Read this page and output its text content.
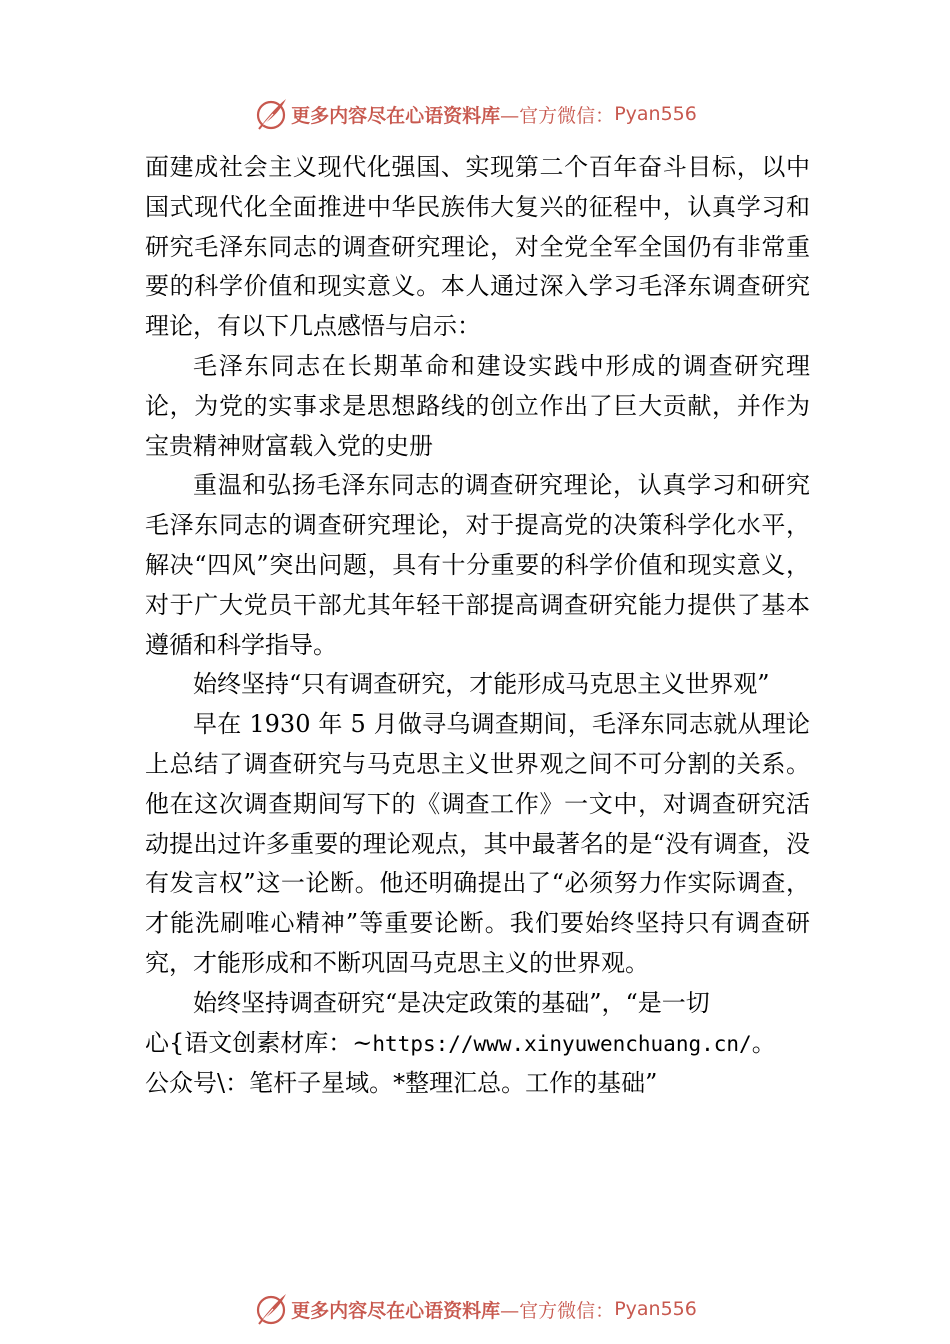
更多内容尽在心语资料库 —官方微信： Pyan556

面建成社会主义现代化强国、实现第二个百年奋斗目标，以中国式现代化全面推进中华民族伟大复兴的征程中，认真学习和研究毛泽东同志的调查研究理论，对全党全军全国仍有非常重要的科学价值和现实意义。本人通过深入学习毛泽东调查研究理论，有以下几点感悟与启示：

毛泽东同志在长期革命和建设实践中形成的调查研究理论，为党的实事求是思想路线的创立作出了巨大贡献，并作为宝贵精神财富载入党的史册

重温和弘扬毛泽东同志的调查研究理论，认真学习和研究毛泽东同志的调查研究理论，对于提高党的决策科学化水平，解决“四风”突出问题，具有十分重要的科学价值和现实意义，对于广大党员干部尤其年轻干部提高调查研究能力提供了基本遵循和科学指导。

始终坚持“只有调查研究，才能形成马克思主义世界观”

早在 1930 年 5 月做寻乌调查期间，毛泽东同志就从理论上总结了调查研究与马克思主义世界观之间不可分割的关系。他在这次调查期间写下的《调查工作》一文中，对调查研究活动提出过许多重要的理论观点，其中最著名的是“没有调查，没有发言权”这一论断。他还明确提出了“必须努力作实际调查，才能洗刷唯心精神”等重要论断。我们要始终坚持只有调查研究，才能形成和不断巩固马克思主义的世界观。

始终坚持调查研究“是决定政策的基础”，“是一切

心{语文创素材库：~https://www.xinyuwenchuang.cn/。

公众号\：笔杆子星域。*整理汇总。工作的基础”

更多内容尽在心语资料库 —官方微信： Pyan556
